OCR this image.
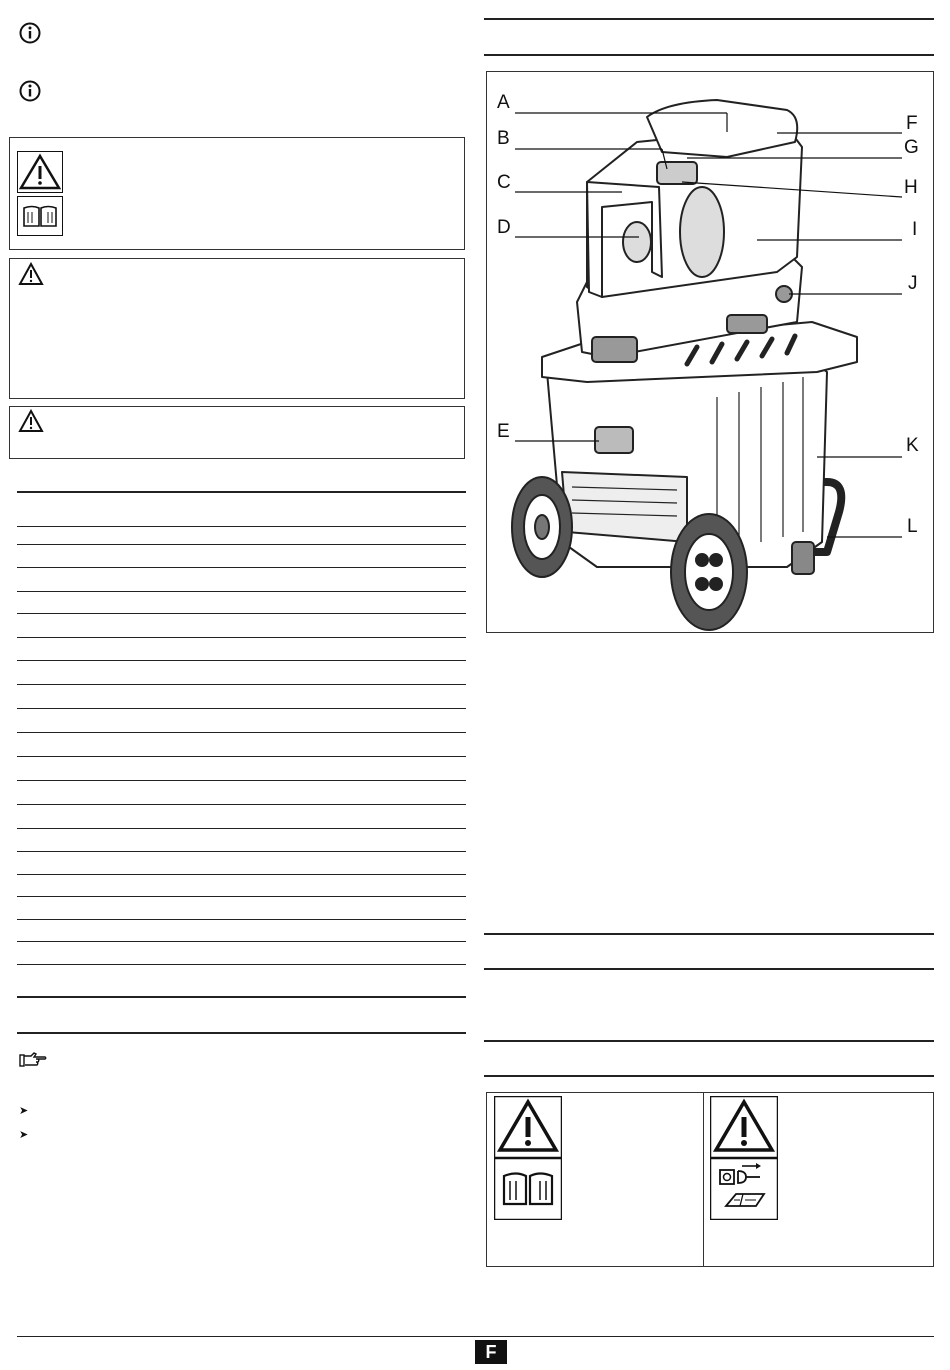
➤
➤
A
B
C
D
E
F
G
H
I
J
K
L
F
